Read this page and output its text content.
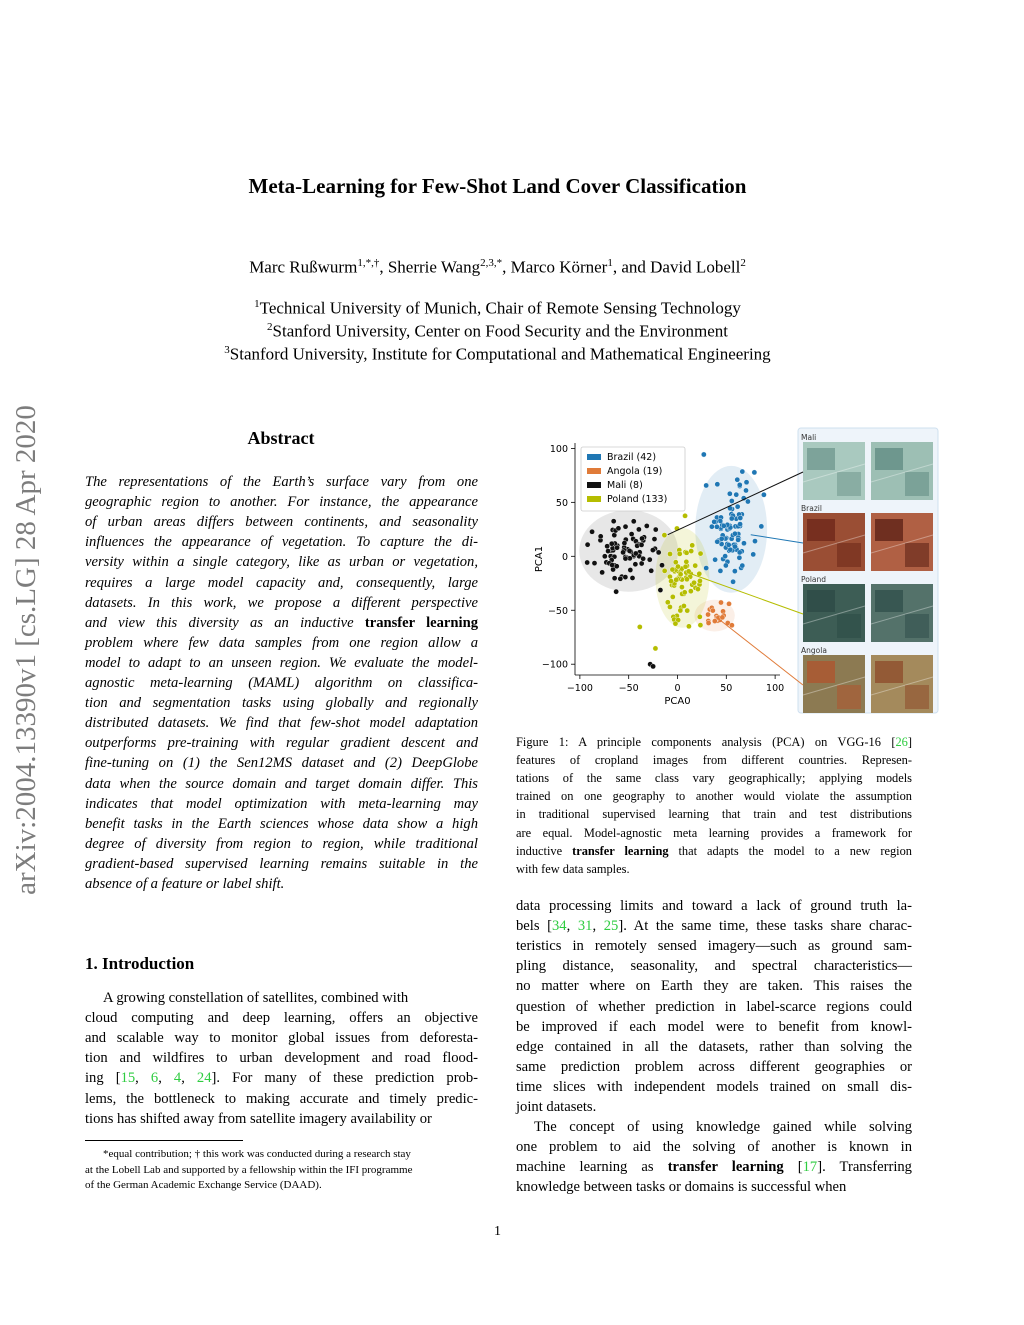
arXiv:2004.13390v1 [cs.LG] 28 Apr 2020
Meta-Learning for Few-Shot Land Cover Classification
Marc Rußwurm$^{1,*,\dagger}$, Sherrie Wang$^{2,3,*}$, Marco Körner$^1$, and David Lobell$^2$
$^1$Technical University of Munich, Chair of Remote Sensing Technology
$^2$Stanford University, Center on Food Security and the Environment
$^3$Stanford University, Institute for Computational and Mathematical Engineering
Abstract
The representations of the Earth’s surface vary from one
geographic region to another. For instance, the appearance
of urban areas differs between continents, and seasonality
influences the appearance of vegetation. To capture the di-
versity within a single category, like as urban or vegetation,
requires a large model capacity and, consequently, large
datasets. In this work, we propose a different perspective
and view this diversity as an inductive transfer learning
problem where few data samples from one region allow a
model to adapt to an unseen region. We evaluate the model-
agnostic meta-learning (MAML) algorithm on classifica-
tion and segmentation tasks using globally and regionally
distributed datasets. We find that few-shot model adaptation
outperforms pre-training with regular gradient descent and
fine-tuning on (1) the Sen12MS dataset and (2) DeepGlobe
data when the source domain and target domain differ. This
indicates that model optimization with meta-learning may
benefit tasks in the Earth sciences whose data show a high
degree of diversity from region to region, while traditional
gradient-based supervised learning remains suitable in the
absence of a feature or label shift.
1. Introduction
A growing constellation of satellites, combined with
cloud computing and deep learning, offers an objective
and scalable way to monitor global issues from deforesta-
tion and wildfires to urban development and road flood-
ing [15, 6, 4, 24]. For many of these prediction prob-
lems, the bottleneck to making accurate and timely predic-
tions has shifted away from satellite imagery availability or
*equal contribution; † this work was conducted during a research stay
at the Lobell Lab and supported by a fellowship within the IFI programme
of the German Academic Exchange Service (DAAD).
−100	−50	0	50	100
100
50
0
−50
−100
PCA0
PCA1
Brazil (42)
Angola (19)
Mali (8)
Poland (133)
Mali
Brazil
Poland
Angola
Figure 1: A principle components analysis (PCA) on VGG-16 [26]
features of cropland images from different countries. Represen-
tations of the same class vary geographically; applying models
trained on one geography to another would violate the assumption
in traditional supervised learning that train and test distributions
are equal. Model-agnostic meta learning provides a framework for
inductive transfer learning that adapts the model to a new region
with few data samples.
data processing limits and toward a lack of ground truth la-
bels [34, 31, 25]. At the same time, these tasks share charac-
teristics in remotely sensed imagery—such as ground sam-
pling distance, seasonality, and spectral characteristics—
no matter where on Earth they are taken. This raises the
question of whether prediction in label-scarce regions could
be improved if each model were to benefit from knowl-
edge contained in all the datasets, rather than solving the
same prediction problem across different geographies or
time slices with independent models trained on small dis-
joint datasets.
The concept of using knowledge gained while solving
one problem to aid the solving of another is known in
machine learning as transfer learning [17]. Transferring
knowledge between tasks or domains is successful when
1
